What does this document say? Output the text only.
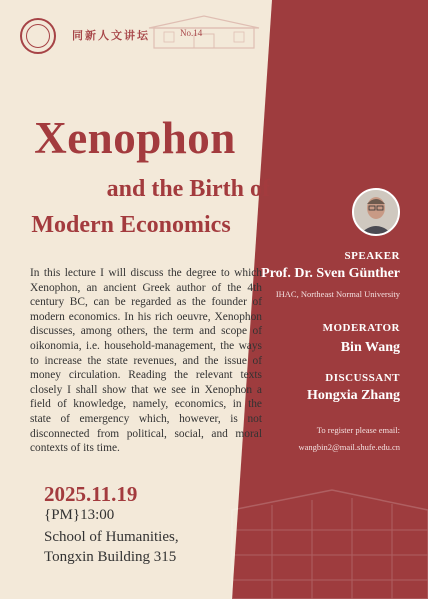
同新人文讲坛	No.14
Xenophon
and the Birth of
Modern Economics
In this lecture I will discuss the degree to which Xenophon, an ancient Greek author of the 4th century BC, can be regarded as the founder of modern economics. In his rich oeuvre, Xenophon discusses, among others, the term and scope of oikonomia, i.e. household-management, the ways to increase the state revenues, and the issue of money circulation. Reading the relevant texts closely I shall show that we see in Xenophon a field of knowledge, namely, economics, in the state of emergency which, however, is not disconnected from political, social, and moral contexts of its time.
2025.11.19
{PM}13:00
School of Humanities,
Tongxin Building 315
SPEAKER
Prof. Dr. Sven Günther
IHAC, Northeast Normal University
MODERATOR
Bin Wang
DISCUSSANT
Hongxia Zhang
To register please email:
wangbin2@mail.shufe.edu.cn
